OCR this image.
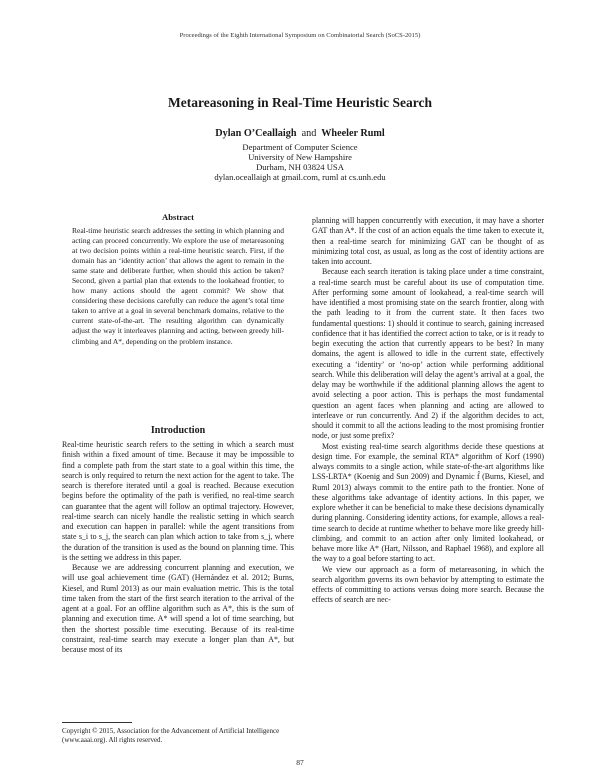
Proceedings of the Eighth International Symposium on Combinatorial Search (SoCS-2015)
Metareasoning in Real-Time Heuristic Search
Dylan O’Ceallaigh and Wheeler Ruml
Department of Computer Science
University of New Hampshire
Durham, NH 03824 USA
dylan.oceallaigh at gmail.com, ruml at cs.unh.edu
Abstract
Real-time heuristic search addresses the setting in which planning and acting can proceed concurrently. We explore the use of metareasoning at two decision points within a real-time heuristic search. First, if the domain has an ‘identity action’ that allows the agent to remain in the same state and deliberate further, when should this action be taken? Second, given a partial plan that extends to the lookahead frontier, to how many actions should the agent commit? We show that considering these decisions carefully can reduce the agent’s total time taken to arrive at a goal in several benchmark domains, relative to the current state-of-the-art. The resulting algorithm can dynamically adjust the way it interleaves planning and acting, between greedy hill-climbing and A*, depending on the problem instance.
Introduction

Real-time heuristic search refers to the setting in which a search must finish within a fixed amount of time. Because it may be impossible to find a complete path from the start state to a goal within this time, the search is only required to return the next action for the agent to take. The search is therefore iterated until a goal is reached. Because execution begins before the optimality of the path is verified, no real-time search can guarantee that the agent will follow an optimal trajectory. However, real-time search can nicely handle the realistic setting in which search and execution can happen in parallel: while the agent transitions from state s_i to s_j, the search can plan which action to take from s_j, where the duration of the transition is used as the bound on planning time. This is the setting we address in this paper.

Because we are addressing concurrent planning and execution, we will use goal achievement time (GAT) (Hernández et al. 2012; Burns, Kiesel, and Ruml 2013) as our main evaluation metric. This is the total time taken from the start of the first search iteration to the arrival of the agent at a goal. For an offline algorithm such as A*, this is the sum of planning and execution time. A* will spend a lot of time searching, but then the shortest possible time executing. Because of its real-time constraint, real-time search may execute a longer plan than A*, but because most of its

planning will happen concurrently with execution, it may have a shorter GAT than A*. If the cost of an action equals the time taken to execute it, then a real-time search for minimizing GAT can be thought of as minimizing total cost, as usual, as long as the cost of identity actions are taken into account.

Because each search iteration is taking place under a time constraint, a real-time search must be careful about its use of computation time. After performing some amount of lookahead, a real-time search will have identified a most promising state on the search frontier, along with the path leading to it from the current state. It then faces two fundamental questions: 1) should it continue to search, gaining increased confidence that it has identified the correct action to take, or is it ready to begin executing the action that currently appears to be best? In many domains, the agent is allowed to idle in the current state, effectively executing a ‘identity’ or ‘no-op’ action while performing additional search. While this deliberation will delay the agent’s arrival at a goal, the delay may be worthwhile if the additional planning allows the agent to avoid selecting a poor action. This is perhaps the most fundamental question an agent faces when planning and acting are allowed to interleave or run concurrently. And 2) if the algorithm decides to act, should it commit to all the actions leading to the most promising frontier node, or just some prefix?

Most existing real-time search algorithms decide these questions at design time. For example, the seminal RTA* algorithm of Korf (1990) always commits to a single action, while state-of-the-art algorithms like LSS-LRTA* (Koenig and Sun 2009) and Dynamic f̂ (Burns, Kiesel, and Ruml 2013) always commit to the entire path to the frontier. None of these algorithms take advantage of identity actions. In this paper, we explore whether it can be beneficial to make these decisions dynamically during planning. Considering identity actions, for example, allows a real-time search to decide at runtime whether to behave more like greedy hill-climbing, and commit to an action after only limited lookahead, or behave more like A* (Hart, Nilsson, and Raphael 1968), and explore all the way to a goal before starting to act.

We view our approach as a form of metareasoning, in which the search algorithm governs its own behavior by attempting to estimate the effects of committing to actions versus doing more search. Because the effects of search are nec-

Copyright © 2015, Association for the Advancement of Artificial Intelligence (www.aaai.org). All rights reserved.
87
